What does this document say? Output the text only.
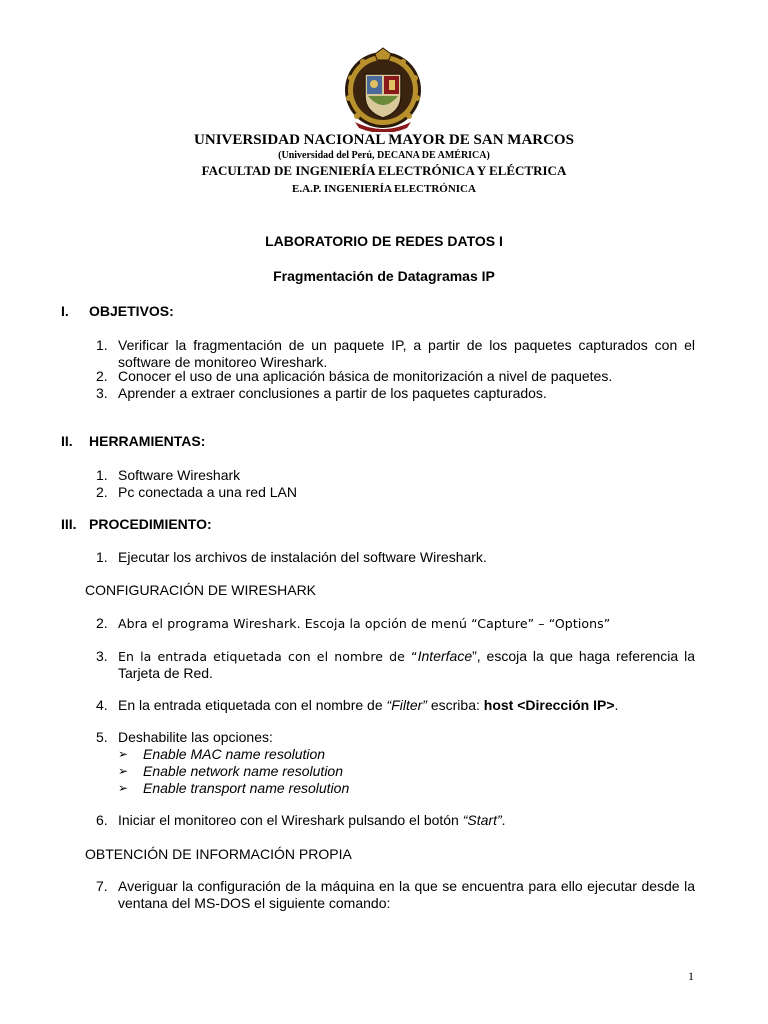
UNIVERSIDAD NACIONAL MAYOR DE SAN MARCOS
(Universidad del Perú, DECANA DE AMÉRICA)
FACULTAD DE INGENIERÍA ELECTRÓNICA Y ELÉCTRICA
E.A.P. INGENIERÍA ELECTRÓNICA
LABORATORIO DE REDES DATOS I
Fragmentación de Datagramas IP
I. OBJETIVOS:
1. Verificar la fragmentación de un paquete IP, a partir de los paquetes capturados con el software de monitoreo Wireshark.
2. Conocer el uso de una aplicación básica de monitorización a nivel de paquetes.
3. Aprender a extraer conclusiones a partir de los paquetes capturados.
II. HERRAMIENTAS:
1. Software Wireshark
2. Pc conectada a una red LAN
III. PROCEDIMIENTO:
1. Ejecutar los archivos de instalación del software Wireshark.
CONFIGURACIÓN DE WIRESHARK
2. Abra el programa Wireshark. Escoja la opción de menú “Capture” – “Options”
3. En la entrada etiquetada con el nombre de “Interface”, escoja la que haga referencia la Tarjeta de Red.
4. En la entrada etiquetada con el nombre de “Filter” escriba: host <Dirección IP>.
5. Deshabilite las opciones:
➢ Enable MAC name resolution
➢ Enable network name resolution
➢ Enable transport name resolution
6. Iniciar el monitoreo con el Wireshark pulsando el botón “Start”.
OBTENCIÓN DE INFORMACIÓN PROPIA
7. Averiguar la configuración de la máquina en la que se encuentra para ello ejecutar desde la ventana del MS-DOS el siguiente comando:
1
